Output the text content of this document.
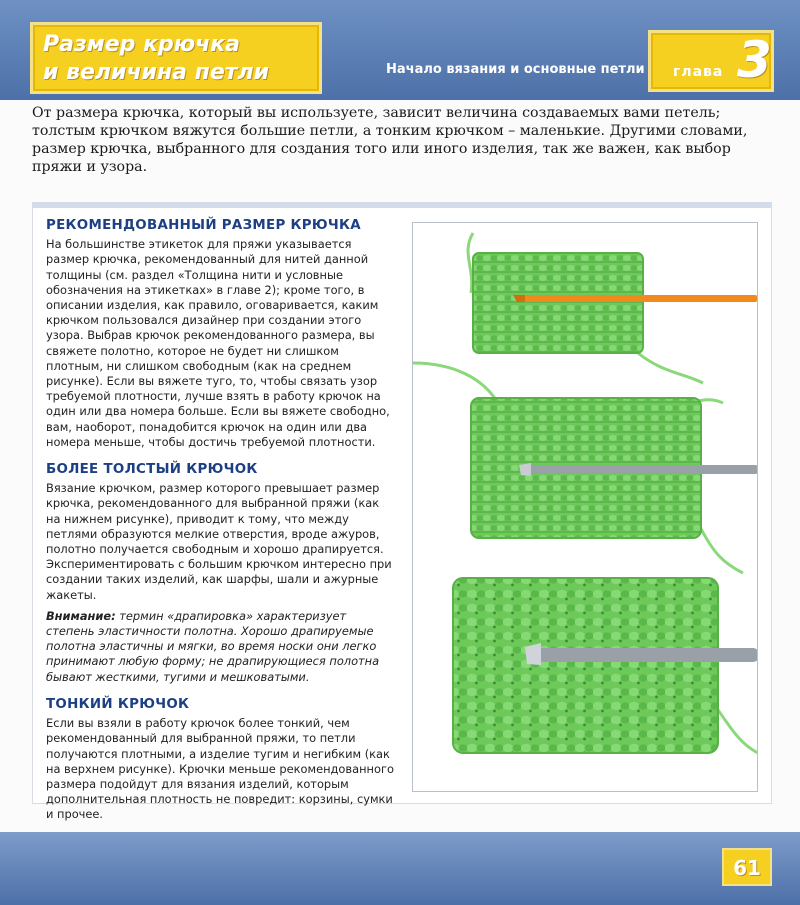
Размер крючка
и величина петли	Начало вязания и основные петли глава 3

От размера крючка, который вы используете, зависит величина создаваемых вами петель; толстым крючком вяжутся большие петли, а тонким крючком – маленькие. Другими словами, размер крючка, выбранного для создания того или иного изделия, так же важен, как выбор пряжи и узора.

РЕКОМЕНДОВАННЫЙ РАЗМЕР КРЮЧКА

На большинстве этикеток для пряжи указывается размер крючка, рекомендованный для нитей данной толщины (см. раздел «Толщина нити и условные обозначения на этикетках» в главе 2); кроме того, в описании изделия, как правило, оговаривается, каким крючком пользовался дизайнер при создании этого узора. Выбрав крючок рекомендованного размера, вы свяжете полотно, которое не будет ни слишком плотным, ни слишком свободным (как на среднем рисунке). Если вы вяжете туго, то, чтобы связать узор требуемой плотности, лучше взять в работу крючок на один или два номера больше. Если вы вяжете свободно, вам, наоборот, понадобится крючок на один или два номера меньше, чтобы достичь требуемой плотности.

БОЛЕЕ ТОЛСТЫЙ КРЮЧОК

Вязание крючком, размер которого превышает размер крючка, рекомендованного для выбранной пряжи (как на нижнем рисунке), приводит к тому, что между петлями образуются мелкие отверстия, вроде ажуров, полотно получается свободным и хорошо драпируется. Экспериментировать с большим крючком интересно при создании таких изделий, как шарфы, шали и ажурные жакеты.

Внимание: термин «драпировка» характеризует степень эластичности полотна. Хорошо драпируемые полотна эластичны и мягки, во время носки они легко принимают любую форму; не драпирующиеся полотна бывают жесткими, тугими и мешковатыми.

ТОНКИЙ КРЮЧОК

Если вы взяли в работу крючок более тонкий, чем рекомендованный для выбранной пряжи, то петли получаются плотными, а изделие тугим и негибким (как на верхнем рисунке). Крючки меньше рекомендованного размера подойдут для вязания изделий, которым дополнительная плотность не повредит: корзины, сумки и прочее.

61
